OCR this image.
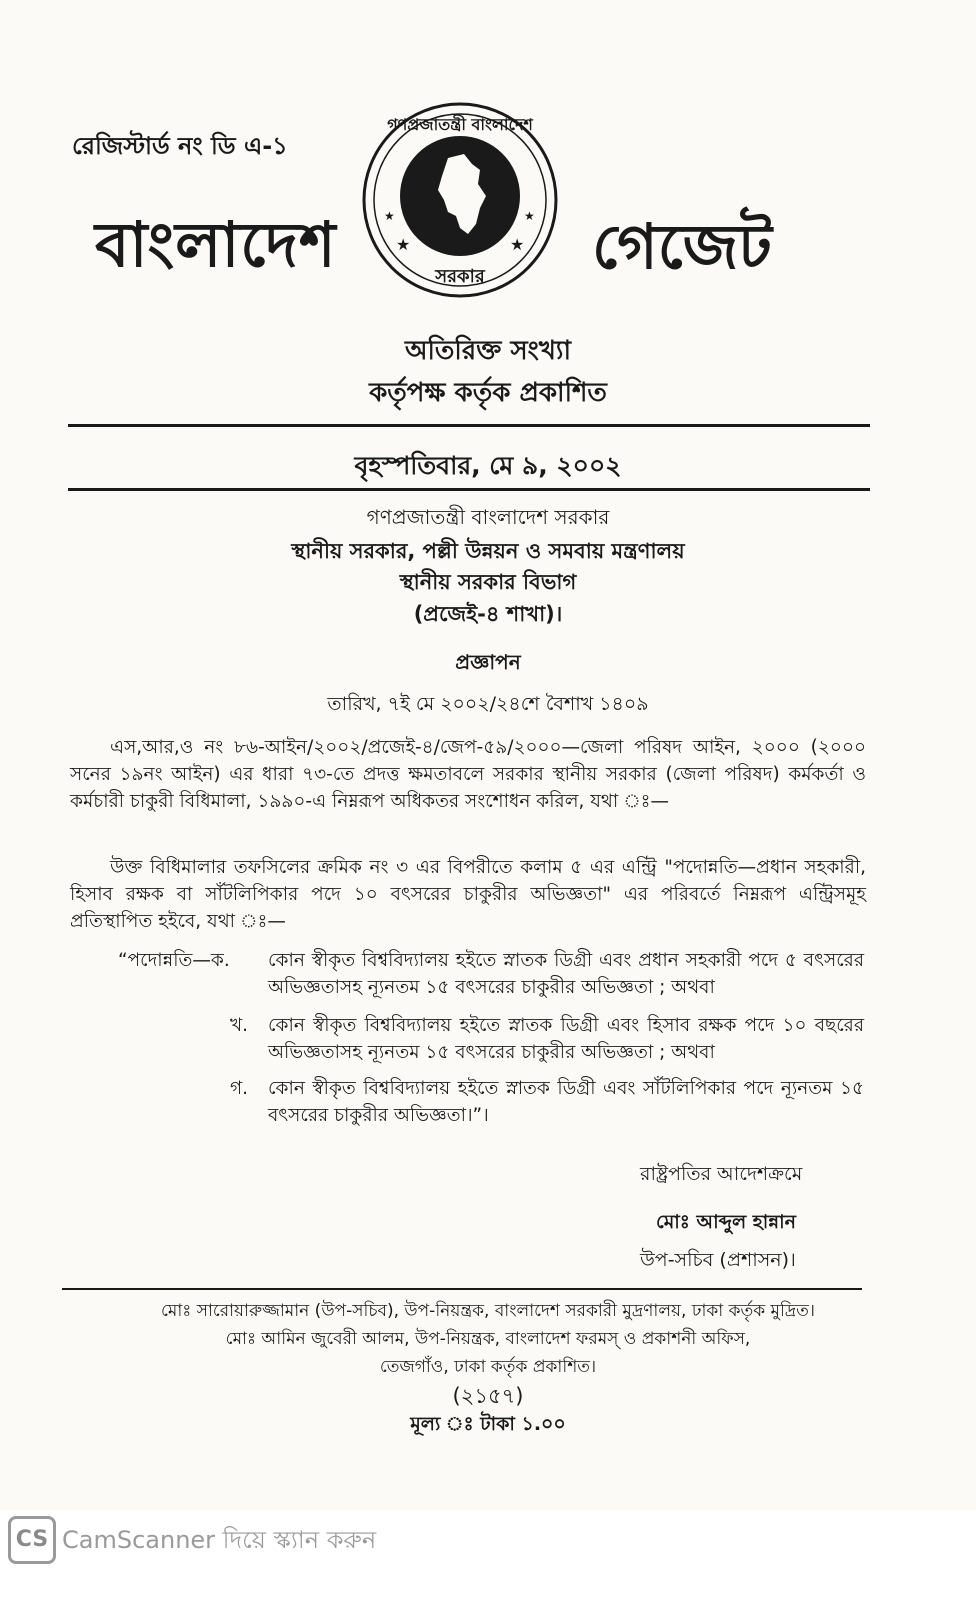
রেজিস্টার্ড নং ডি এ-১
বাংলাদেশ	★	★
★	★
গণপ্রজাতন্ত্রী বাংলাদেশ
সরকার গেজেট
অতিরিক্ত সংখ্যা
কর্তৃপক্ষ কর্তৃক প্রকাশিত
বৃহস্পতিবার, মে ৯, ২০০২
গণপ্রজাতন্ত্রী বাংলাদেশ সরকার
স্থানীয় সরকার, পল্লী উন্নয়ন ও সমবায় মন্ত্রণালয়
স্থানীয় সরকার বিভাগ
(প্রজেই-৪ শাখা)।
প্রজ্ঞাপন
তারিখ, ৭ই মে ২০০২/২৪শে বৈশাখ ১৪০৯
এস,আর,ও নং ৮৬-আইন/২০০২/প্রজেই-৪/জেপ-৫৯/২০০০—জেলা পরিষদ আইন, ২০০০ (২০০০ সনের ১৯নং আইন) এর ধারা ৭৩-তে প্রদত্ত ক্ষমতাবলে সরকার স্থানীয় সরকার (জেলা পরিষদ) কর্মকর্তা ও কর্মচারী চাকুরী বিধিমালা, ১৯৯০-এ নিম্নরূপ অধিকতর সংশোধন করিল, যথা ঃ—
উক্ত বিধিমালার তফসিলের ক্রমিক নং ৩ এর বিপরীতে কলাম ৫ এর এন্ট্রি "পদোন্নতি—প্রধান সহকারী, হিসাব রক্ষক বা সাঁটলিপিকার পদে ১০ বৎসরের চাকুরীর অভিজ্ঞতা" এর পরিবর্তে নিম্নরূপ এন্ট্রিসমূহ প্রতিস্থাপিত হইবে, যথা ঃ—
“পদোন্নতি—ক. কোন স্বীকৃত বিশ্ববিদ্যালয় হইতে স্নাতক ডিগ্রী এবং প্রধান সহকারী পদে ৫ বৎসরের অভিজ্ঞতাসহ ন্যূনতম ১৫ বৎসরের চাকুরীর অভিজ্ঞতা ; অথবা
খ. কোন স্বীকৃত বিশ্ববিদ্যালয় হইতে স্নাতক ডিগ্রী এবং হিসাব রক্ষক পদে ১০ বছরের অভিজ্ঞতাসহ ন্যূনতম ১৫ বৎসরের চাকুরীর অভিজ্ঞতা ; অথবা
গ. কোন স্বীকৃত বিশ্ববিদ্যালয় হইতে স্নাতক ডিগ্রী এবং সাঁটলিপিকার পদে ন্যূনতম ১৫ বৎসরের চাকুরীর অভিজ্ঞতা।”।
রাষ্ট্রপতির আদেশক্রমে
মোঃ আব্দুল হান্নান
উপ-সচিব (প্রশাসন)।
মোঃ সারোয়ারুজ্জামান (উপ-সচিব), উপ-নিয়ন্ত্রক, বাংলাদেশ সরকারী মুদ্রণালয়, ঢাকা কর্তৃক মুদ্রিত।
মোঃ আমিন জুবেরী আলম, উপ-নিয়ন্ত্রক, বাংলাদেশ ফরমস্ ও প্রকাশনী অফিস,
তেজগাঁও, ঢাকা কর্তৃক প্রকাশিত।
(২১৫৭)
মূল্য ঃ টাকা ১.০০
CS CamScanner দিয়ে স্ক্যান করুন
